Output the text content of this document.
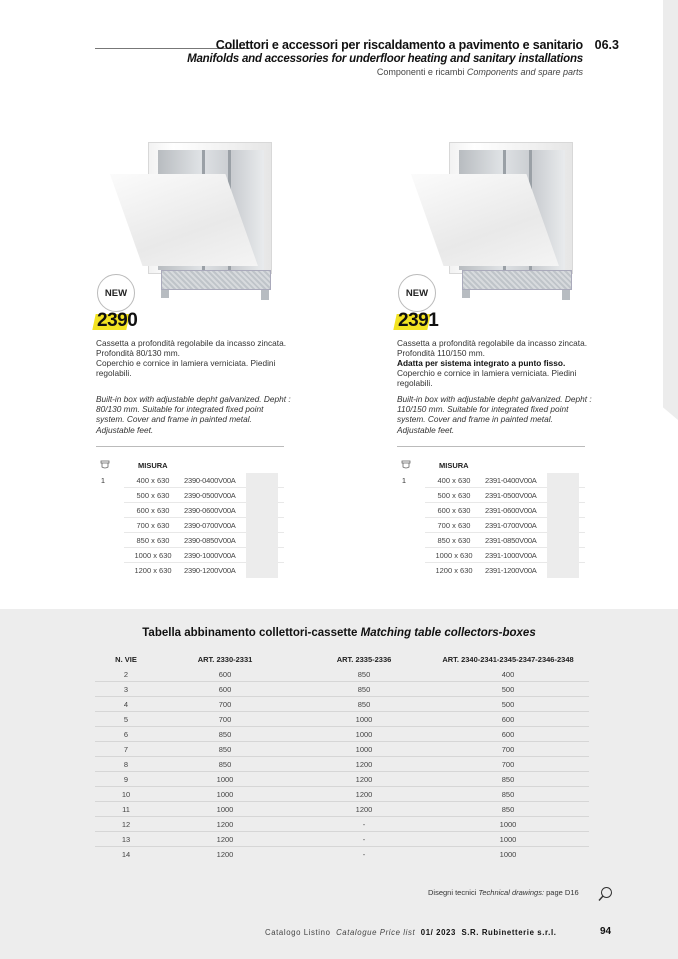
Collettori e accessori per riscaldamento a pavimento e sanitario 06.3
Manifolds and accessories for underfloor heating and sanitary installations
Componenti e ricambi Components and spare parts
NEW
2390
Cassetta a profondità regolabile da incasso zincata. Profondità 80/130 mm.
Coperchio e cornice in lamiera verniciata. Piedini regolabili.
Built-in box with adjustable depht galvanized. Depht : 80/130 mm. Suitable for integrated fixed point system. Cover and frame in painted metal. Adjustable feet.
MISURA
1	400 x 630	2390-0400V00A
500 x 630	2390-0500V00A
600 x 630	2390-0600V00A
700 x 630	2390-0700V00A
850 x 630	2390-0850V00A
1000 x 630	2390-1000V00A
1200 x 630	2390-1200V00A
NEW
2391
Cassetta a profondità regolabile da incasso zincata. Profondità 110/150 mm.
Adatta per sistema integrato a punto fisso.
Coperchio e cornice in lamiera verniciata. Piedini regolabili.
Built-in box with adjustable depht galvanized. Depht : 110/150 mm. Suitable for integrated fixed point system. Cover and frame in painted metal. Adjustable feet.
MISURA
1	400 x 630	2391-0400V00A
500 x 630	2391-0500V00A
600 x 630	2391-0600V00A
700 x 630	2391-0700V00A
850 x 630	2391-0850V00A
1000 x 630	2391-1000V00A
1200 x 630	2391-1200V00A
Tabella abbinamento collettori-cassette Matching table collectors-boxes
N. VIE	ART. 2330-2331	ART. 2335-2336	ART. 2340-2341-2345-2347-2346-2348
2	600	850	400
3	600	850	500
4	700	850	500
5	700	1000	600
6	850	1000	600
7	850	1000	700
8	850	1200	700
9	1000	1200	850
10	1000	1200	850
11	1000	1200	850
12	1200	-	1000
13	1200	-	1000
14	1200	-	1000
Disegni tecnici Technical drawings: page D16
Catalogo Listino Catalogue Price list 01/ 2023 S.R. Rubinetterie s.r.l.	94
